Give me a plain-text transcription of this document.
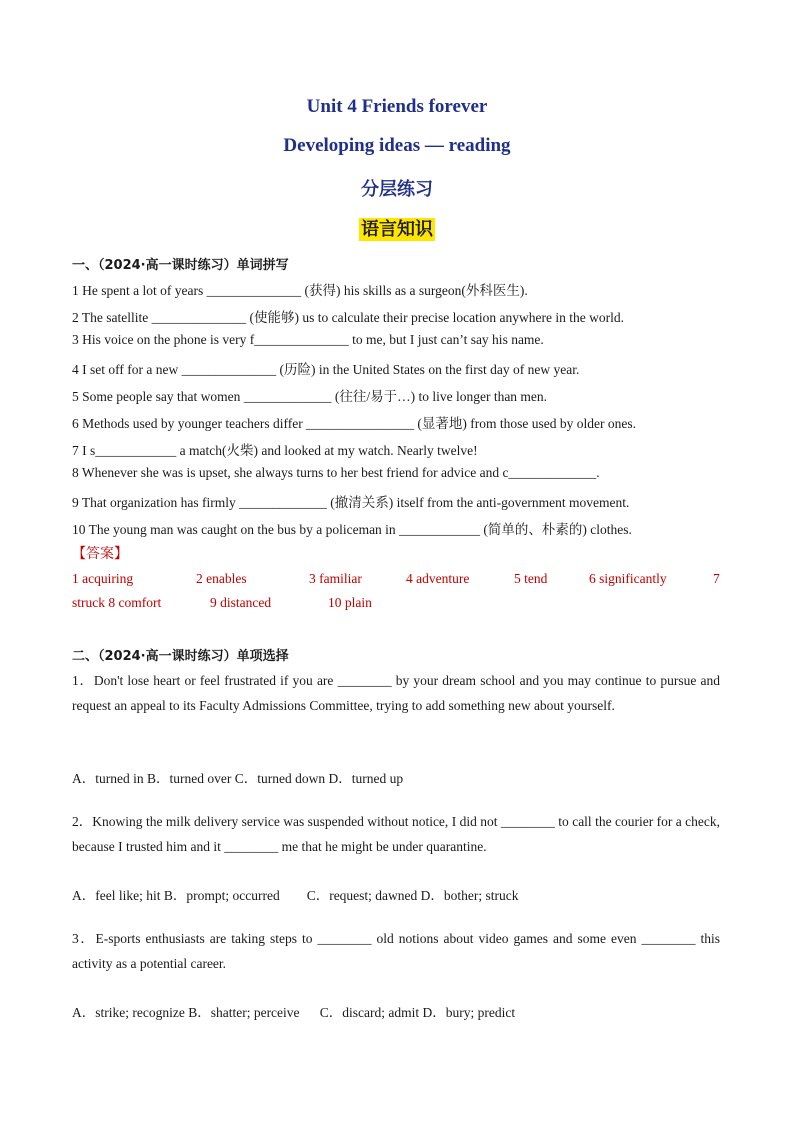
Unit 4 Friends forever
Developing ideas — reading
分层练习
语言知识
一、（2024·高一课时练习）单词拼写
1 He spent a lot of years ______________ (获得) his skills as a surgeon(外科医生).
2 The satellite ______________ (使能够) us to calculate their precise location anywhere in the world.
3 His voice on the phone is very f______________ to me, but I just can’t say his name.
4 I set off for a new ______________ (历险) in the United States on the first day of new year.
5 Some people say that women _____________ (往往/易于…) to live longer than men.
6 Methods used by younger teachers differ ________________ (显著地) from those used by older ones.
7 I s____________ a match(火柴) and looked at my watch. Nearly twelve!
8 Whenever she was is upset, she always turns to her best friend for advice and c_____________.
9 That organization has firmly _____________ (撤清关系) itself from the anti-government movement.
10 The young man was caught on the bus by a policeman in ____________ (简单的、朴素的) clothes.
【答案】
1 acquiring	2 enables	3 familiar	4 adventure	5 tend	6 significantly	7
struck 8 comfort	9 distanced	10 plain
二、（2024·高一课时练习）单项选择
1．Don't lose heart or feel frustrated if you are ________ by your dream school and you may continue to pursue and request an appeal to its Faculty Admissions Committee, trying to add something new about yourself.
A．turned in B．turned over C．turned down D．turned up
2．Knowing the milk delivery service was suspended without notice, I did not ________ to call the courier for a check, because I trusted him and it ________ me that he might be under quarantine.
A．feel like; hit B．prompt; occurred        C．request; dawned D．bother; struck
3．E-sports enthusiasts are taking steps to ________ old notions about video games and some even ________ this activity as a potential career.
A．strike; recognize B．shatter; perceive      C．discard; admit D．bury; predict
